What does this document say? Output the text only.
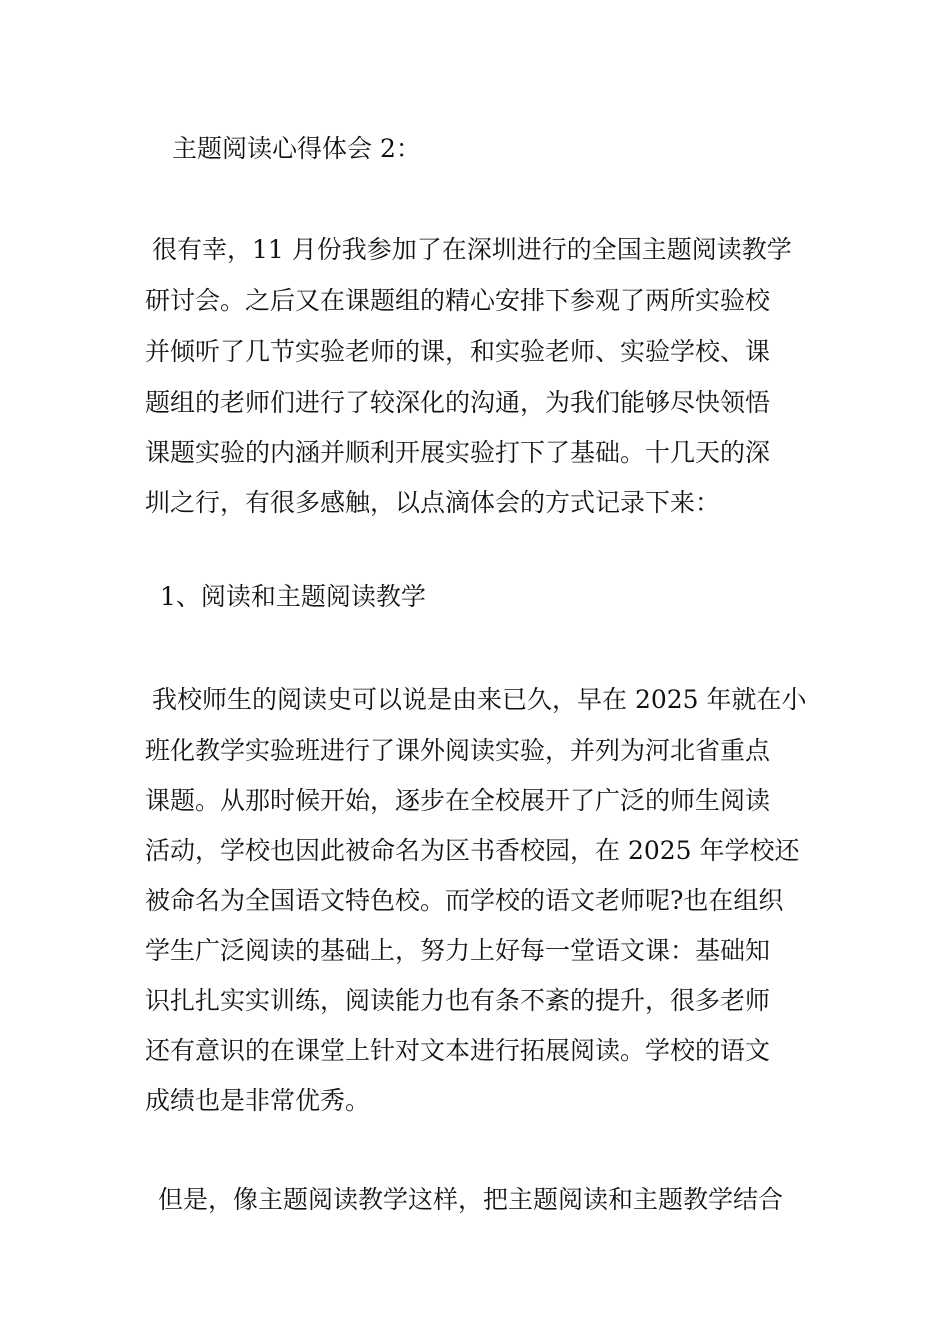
主题阅读心得体会 2：

很有幸，11 月份我参加了在深圳进行的全国主题阅读教学

研讨会。之后又在课题组的精心安排下参观了两所实验校

并倾听了几节实验老师的课，和实验老师、实验学校、课

题组的老师们进行了较深化的沟通，为我们能够尽快领悟

课题实验的内涵并顺利开展实验打下了基础。十几天的深

圳之行，有很多感触，以点滴体会的方式记录下来：

1、阅读和主题阅读教学

我校师生的阅读史可以说是由来已久，早在 2025 年就在小

班化教学实验班进行了课外阅读实验，并列为河北省重点

课题。从那时候开始，逐步在全校展开了广泛的师生阅读

活动，学校也因此被命名为区书香校园，在 2025 年学校还

被命名为全国语文特色校。而学校的语文老师呢?也在组织

学生广泛阅读的基础上，努力上好每一堂语文课：基础知

识扎扎实实训练，阅读能力也有条不紊的提升，很多老师

还有意识的在课堂上针对文本进行拓展阅读。学校的语文

成绩也是非常优秀。

但是，像主题阅读教学这样，把主题阅读和主题教学结合
